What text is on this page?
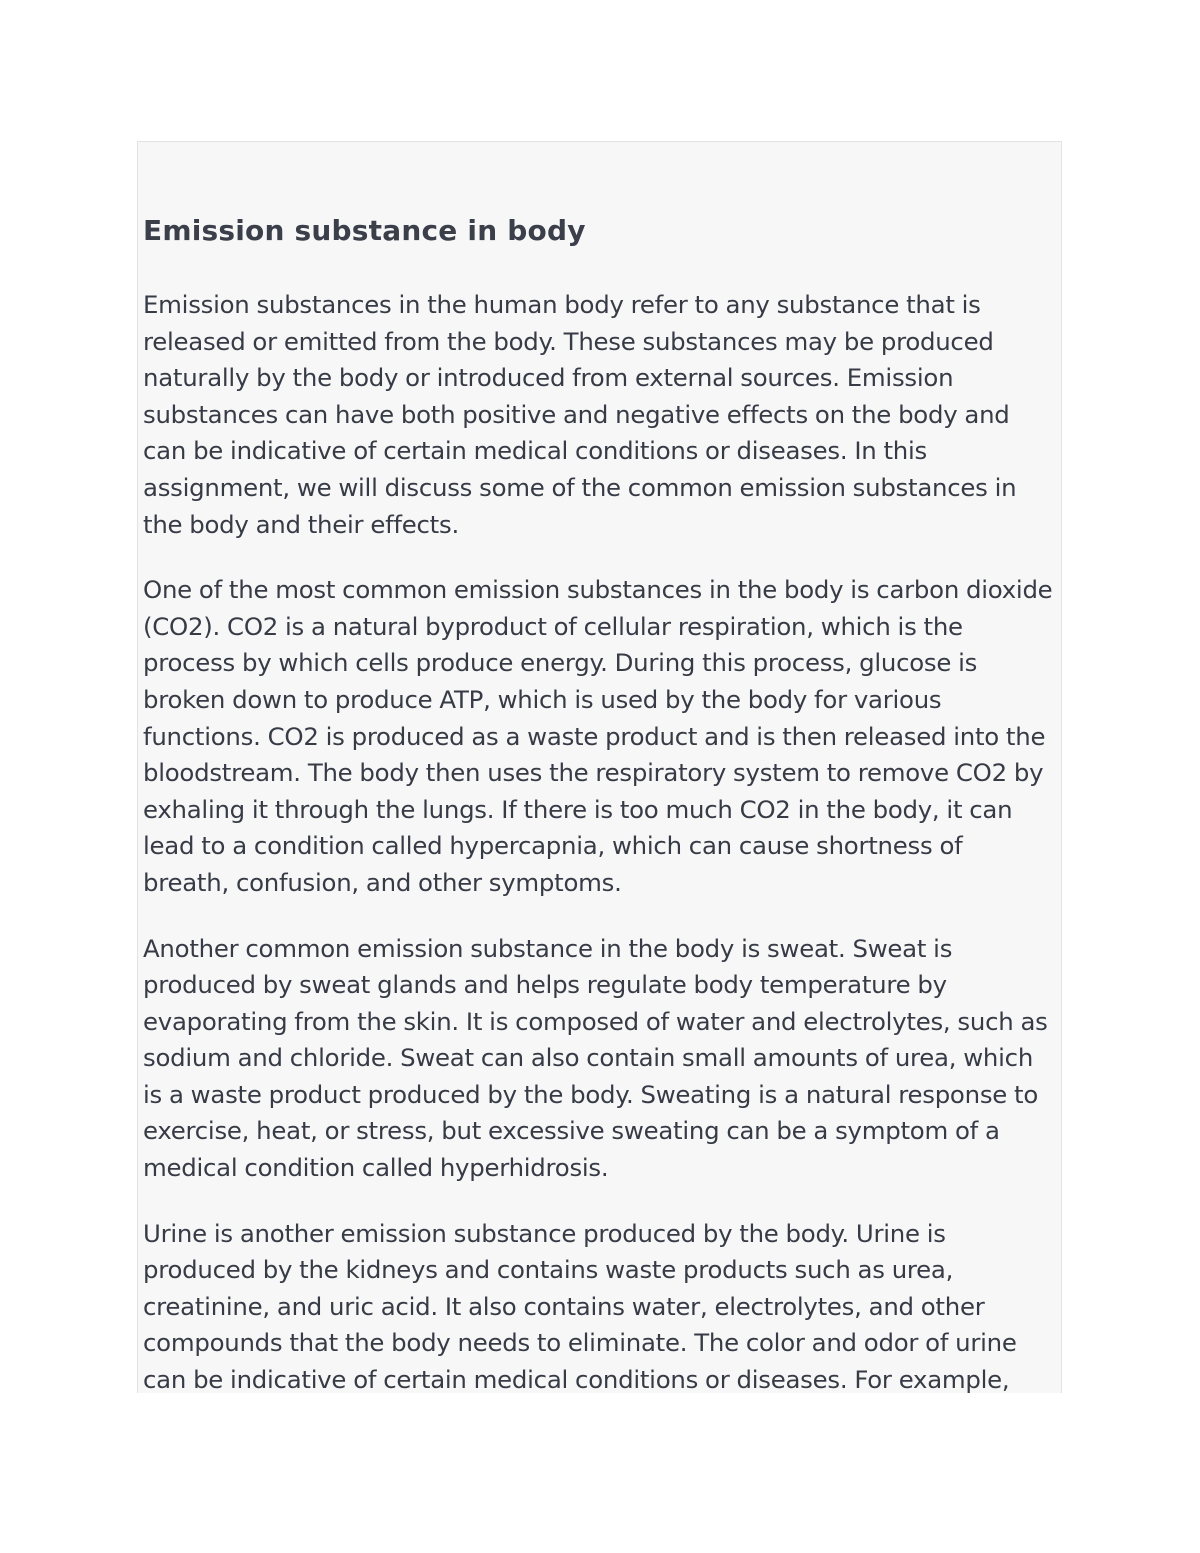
Emission substance in body

Emission substances in the human body refer to any substance that is released or emitted from the body. These substances may be produced naturally by the body or introduced from external sources. Emission substances can have both positive and negative effects on the body and can be indicative of certain medical conditions or diseases. In this assignment, we will discuss some of the common emission substances in the body and their effects.

One of the most common emission substances in the body is carbon dioxide (CO2). CO2 is a natural byproduct of cellular respiration, which is the process by which cells produce energy. During this process, glucose is broken down to produce ATP, which is used by the body for various functions. CO2 is produced as a waste product and is then released into the bloodstream. The body then uses the respiratory system to remove CO2 by exhaling it through the lungs. If there is too much CO2 in the body, it can lead to a condition called hypercapnia, which can cause shortness of breath, confusion, and other symptoms.

Another common emission substance in the body is sweat. Sweat is produced by sweat glands and helps regulate body temperature by evaporating from the skin. It is composed of water and electrolytes, such as sodium and chloride. Sweat can also contain small amounts of urea, which is a waste product produced by the body. Sweating is a natural response to exercise, heat, or stress, but excessive sweating can be a symptom of a medical condition called hyperhidrosis.

Urine is another emission substance produced by the body. Urine is produced by the kidneys and contains waste products such as urea, creatinine, and uric acid. It also contains water, electrolytes, and other compounds that the body needs to eliminate. The color and odor of urine can be indicative of certain medical conditions or diseases. For example,
